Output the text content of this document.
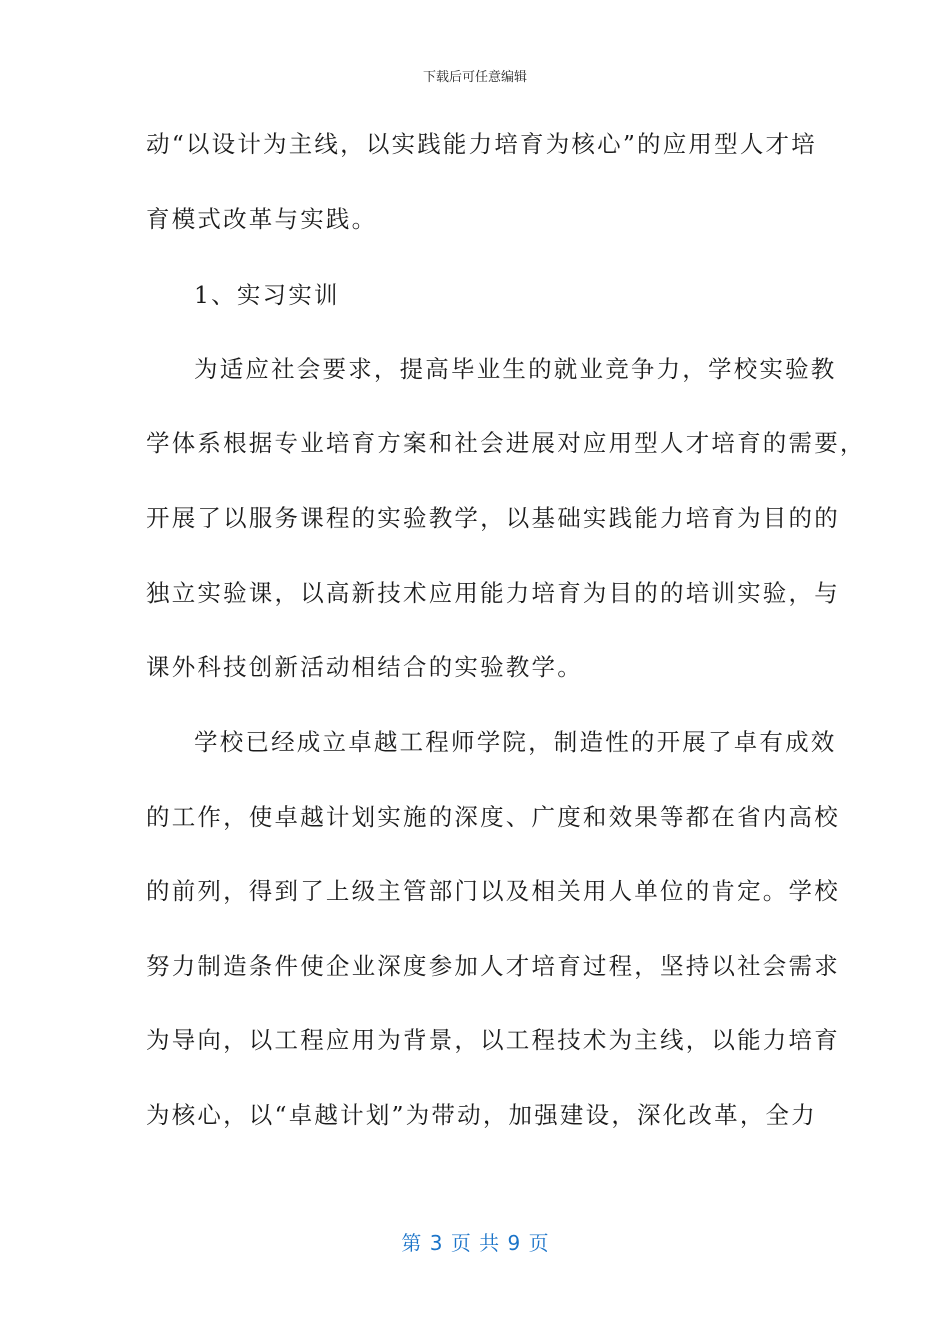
下载后可任意编辑
动“以设计为主线，以实践能力培育为核心”的应用型人才培
育模式改革与实践。
1、实习实训
为适应社会要求，提高毕业生的就业竞争力，学校实验教
学体系根据专业培育方案和社会进展对应用型人才培育的需要，
开展了以服务课程的实验教学，以基础实践能力培育为目的的
独立实验课，以高新技术应用能力培育为目的的培训实验，与
课外科技创新活动相结合的实验教学。
学校已经成立卓越工程师学院，制造性的开展了卓有成效
的工作，使卓越计划实施的深度、广度和效果等都在省内高校
的前列，得到了上级主管部门以及相关用人单位的肯定。学校
努力制造条件使企业深度参加人才培育过程，坚持以社会需求
为导向，以工程应用为背景，以工程技术为主线，以能力培育
为核心，以“卓越计划”为带动，加强建设，深化改革，全力
第 3 页 共 9 页
